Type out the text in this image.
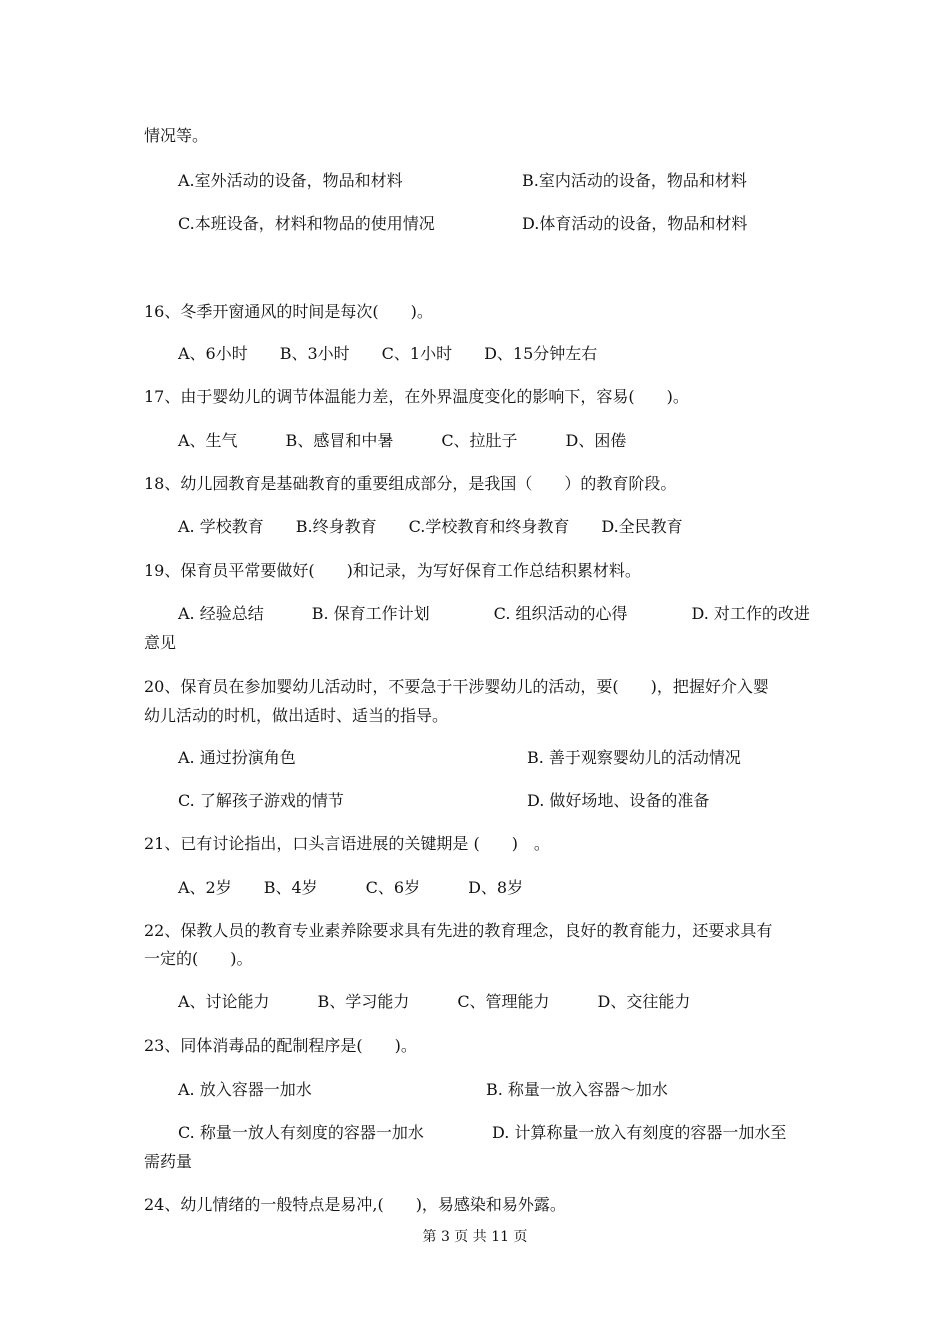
情况等。
A.室外活动的设备，物品和材料	B.室内活动的设备，物品和材料
C.本班设备，材料和物品的使用情况	D.体育活动的设备，物品和材料
16、冬季开窗通风的时间是每次(　　)。
A、6小时　　B、3小时　　C、1小时　　D、15分钟左右
17、由于婴幼儿的调节体温能力差，在外界温度变化的影响下，容易(　　)。
A、生气　　　B、感冒和中暑　　　C、拉肚子　　　D、困倦
18、幼儿园教育是基础教育的重要组成部分，是我国（　　）的教育阶段。
A. 学校教育　　B.终身教育　　C.学校教育和终身教育　　D.全民教育
19、保育员平常要做好(　　)和记录，为写好保育工作总结积累材料。
A. 经验总结　　　B. 保育工作计划　　　　C. 组织活动的心得　　　　D. 对工作的改进
意见
20、保育员在参加婴幼儿活动时，不要急于干涉婴幼儿的活动，要(　　)，把握好介入婴
幼儿活动的时机，做出适时、适当的指导。
A. 通过扮演角色	B. 善于观察婴幼儿的活动情况
C. 了解孩子游戏的情节	D. 做好场地、设备的准备
21、已有讨论指出，口头言语进展的关键期是 (　　)　。
A、2岁　　B、4岁　　　C、6岁　　　D、8岁
22、保教人员的教育专业素养除要求具有先进的教育理念，良好的教育能力，还要求具有
一定的(　　)。
A、讨论能力　　　B、学习能力　　　C、管理能力　　　D、交往能力
23、同体消毒品的配制程序是(　　)。
A. 放入容器一加水	B. 称量一放入容器～加水
C. 称量一放人有刻度的容器一加水	D. 计算称量一放入有刻度的容器一加水至
需药量
24、幼儿情绪的一般特点是易冲,(　　)，易感染和易外露。
第 3 页 共 11 页
